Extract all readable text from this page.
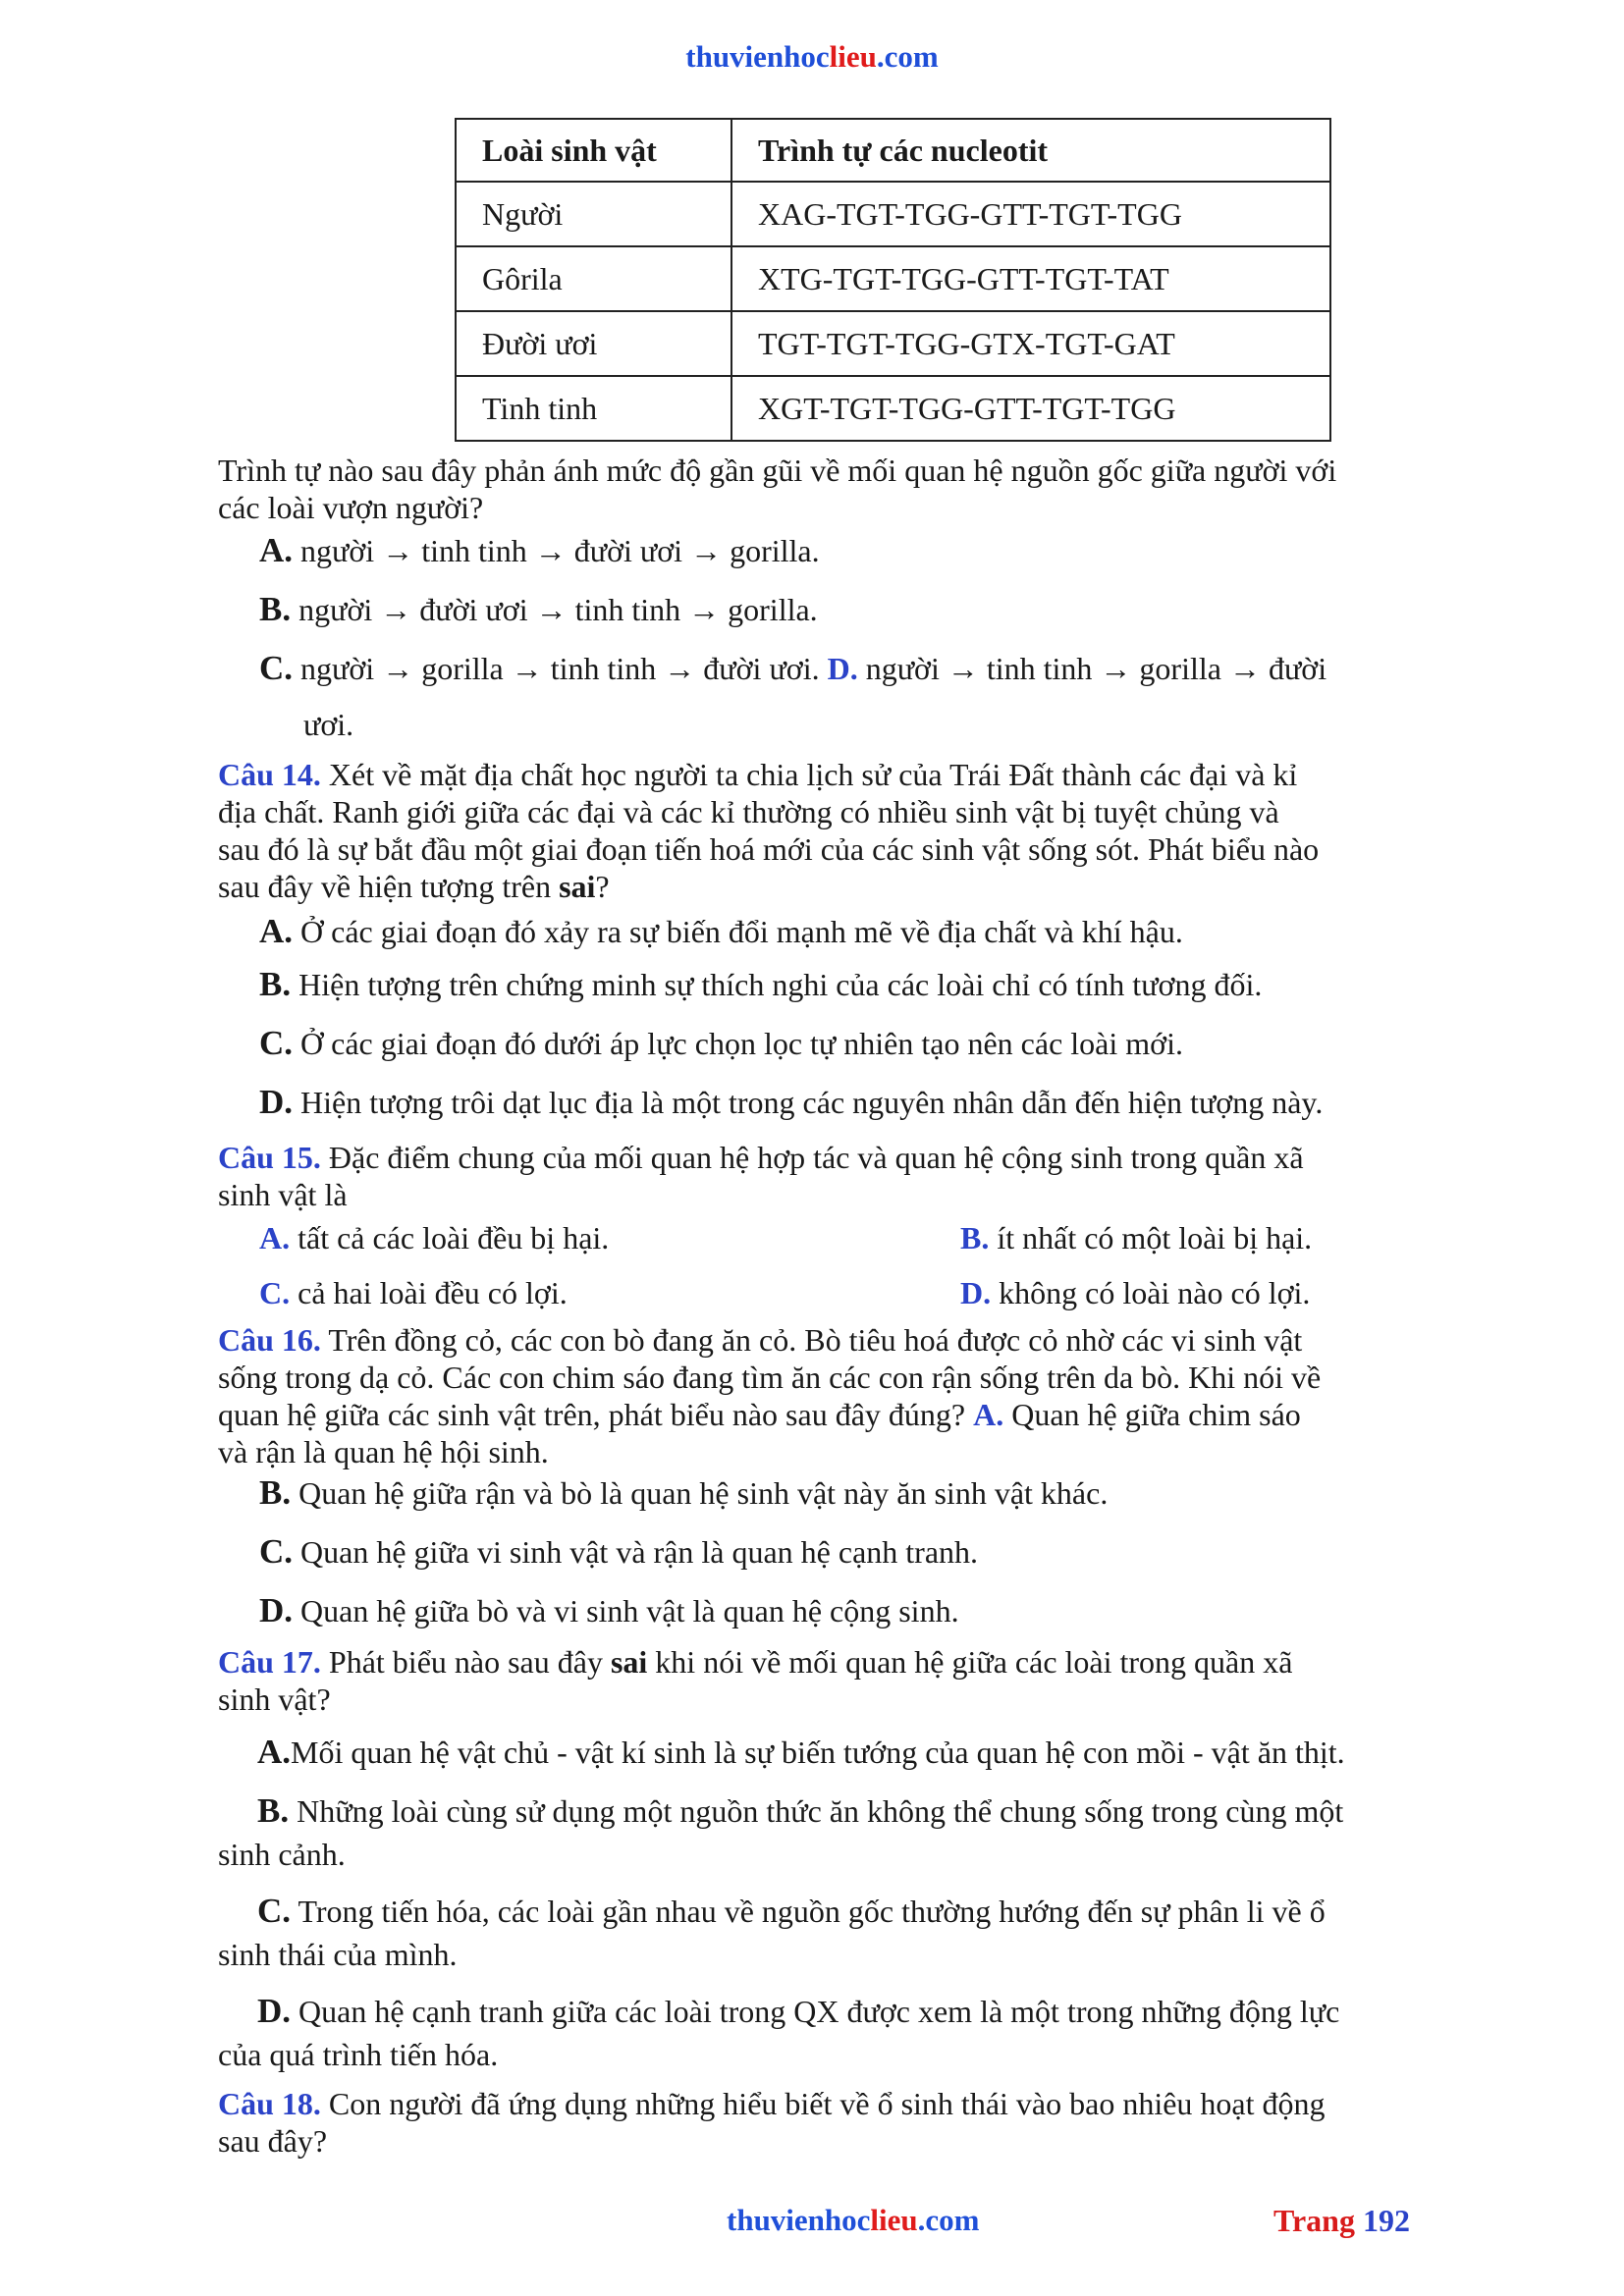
thuvienhoclieu.com
Loài sinh vật	Trình tự các nucleotit
Người	XAG-TGT-TGG-GTT-TGT-TGG
Gôrila	XTG-TGT-TGG-GTT-TGT-TAT
Đười ươi	TGT-TGT-TGG-GTX-TGT-GAT
Tinh tinh	XGT-TGT-TGG-GTT-TGT-TGG
Trình tự nào sau đây phản ánh mức độ gần gũi về mối quan hệ nguồn gốc giữa người với
các loài vượn người?
A. người → tinh tinh → đười ươi → gorilla.
B. người → đười ươi → tinh tinh → gorilla.
C. người → gorilla → tinh tinh → đười ươi. D. người → tinh tinh → gorilla → đười
ươi.
Câu 14. Xét về mặt địa chất học người ta chia lịch sử của Trái Đất thành các đại và kỉ
địa chất. Ranh giới giữa các đại và các kỉ thường có nhiều sinh vật bị tuyệt chủng và
sau đó là sự bắt đầu một giai đoạn tiến hoá mới của các sinh vật sống sót. Phát biểu nào
sau đây về hiện tượng trên sai?
A. Ở các giai đoạn đó xảy ra sự biến đổi mạnh mẽ về địa chất và khí hậu.
B. Hiện tượng trên chứng minh sự thích nghi của các loài chỉ có tính tương đối.
C. Ở các giai đoạn đó dưới áp lực chọn lọc tự nhiên tạo nên các loài mới.
D. Hiện tượng trôi dạt lục địa là một trong các nguyên nhân dẫn đến hiện tượng này.
Câu 15. Đặc điểm chung của mối quan hệ hợp tác và quan hệ cộng sinh trong quần xã
sinh vật là
A. tất cả các loài đều bị hại.	B. ít nhất có một loài bị hại.
C. cả hai loài đều có lợi.	D. không có loài nào có lợi.
Câu 16. Trên đồng cỏ, các con bò đang ăn cỏ. Bò tiêu hoá được cỏ nhờ các vi sinh vật
sống trong dạ cỏ. Các con chim sáo đang tìm ăn các con rận sống trên da bò. Khi nói về
quan hệ giữa các sinh vật trên, phát biểu nào sau đây đúng? A. Quan hệ giữa chim sáo
và rận là quan hệ hội sinh.
B. Quan hệ giữa rận và bò là quan hệ sinh vật này ăn sinh vật khác.
C. Quan hệ giữa vi sinh vật và rận là quan hệ cạnh tranh.
D. Quan hệ giữa bò và vi sinh vật là quan hệ cộng sinh.
Câu 17. Phát biểu nào sau đây sai khi nói về mối quan hệ giữa các loài trong quần xã
sinh vật?
A.Mối quan hệ vật chủ - vật kí sinh là sự biến tướng của quan hệ con mồi - vật ăn thịt.
B. Những loài cùng sử dụng một nguồn thức ăn không thể chung sống trong cùng một
sinh cảnh.
C. Trong tiến hóa, các loài gần nhau về nguồn gốc thường hướng đến sự phân li về ổ
sinh thái của mình.
D. Quan hệ cạnh tranh giữa các loài trong QX được xem là một trong những động lực
của quá trình tiến hóa.
Câu 18. Con người đã ứng dụng những hiểu biết về ổ sinh thái vào bao nhiêu hoạt động
sau đây?
thuvienhoclieu.com	Trang 192
